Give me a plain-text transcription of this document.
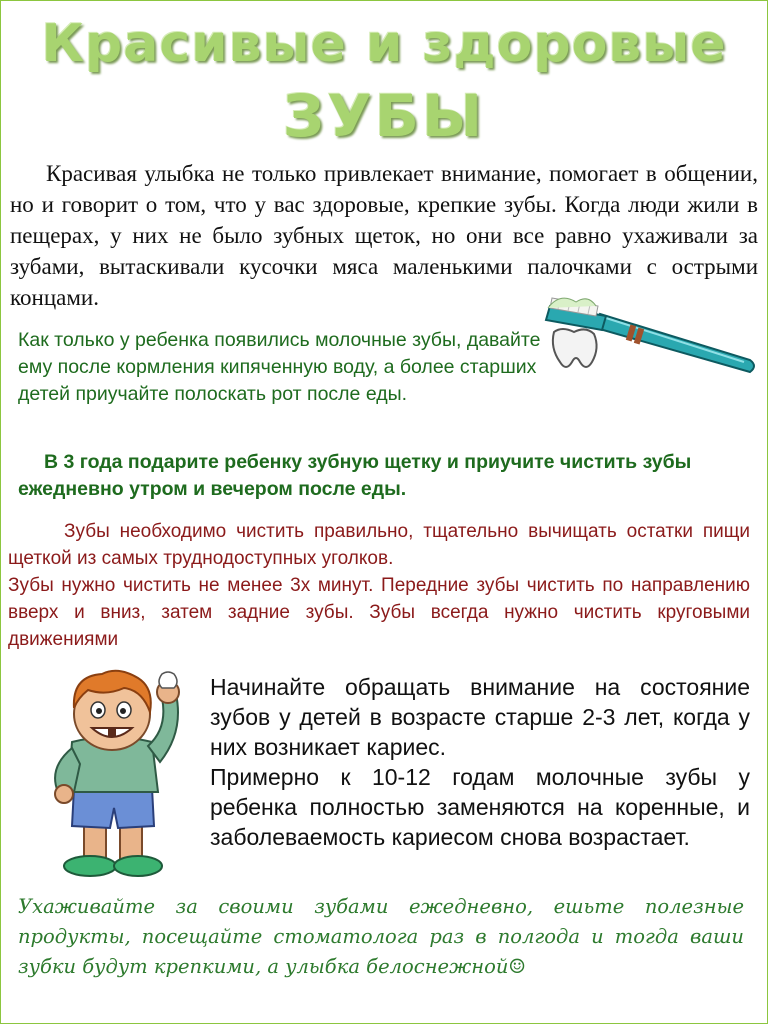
Красивые и здоровые
ЗУБЫ

Красивая улыбка не только привлекает внимание, помогает в общении, но и говорит о том, что у вас здоровые, крепкие зубы. Когда люди жили в пещерах, у них не было зубных щеток, но они все равно ухаживали за зубами, вытаскивали кусочки мяса маленькими палочками с острыми концами.

Как только у ребенка появились молочные зубы, давайте ему после кормления кипяченную воду, а более старших детей приучайте полоскать рот после еды.

В 3 года подарите ребенку зубную щетку и приучите чистить зубы ежедневно утром и вечером после еды.

Зубы необходимо чистить правильно, тщательно вычищать остатки пищи щеткой из самых труднодоступных уголков.
Зубы нужно чистить не менее 3х минут. Передние зубы чистить по направлению вверх и вниз, затем задние зубы. Зубы всегда нужно чистить круговыми движениями

Начинайте обращать внимание на состояние зубов у детей в возрасте старше 2-3 лет, когда у них возникает кариес.
Примерно к 10-12 годам молочные зубы у ребенка полностью заменяются на коренные, и заболеваемость кариесом снова возрастает.

Ухаживайте за своими зубами ежедневно, ешьте полезные продукты, посещайте стоматолога раз в полгода и тогда ваши зубки будут крепкими, а улыбка белоснежной☺
